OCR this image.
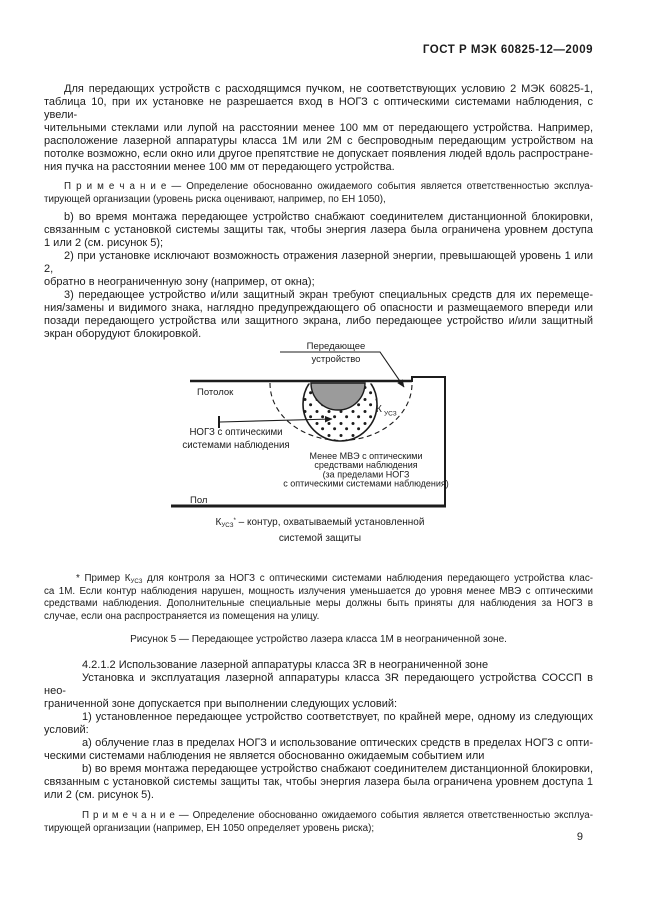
ГОСТ Р МЭК 60825-12—2009
Для передающих устройств с расходящимся пучком, не соответствующих условию 2 МЭК 60825-1,
таблица 10, при их установке не разрешается вход в НОГЗ с оптическими системами наблюдения, с увели-
чительными стеклами или лупой на расстоянии менее 100 мм от передающего устройства. Например,
расположение лазерной аппаратуры класса 1М или 2М с беспроводным передающим устройством на
потолке возможно, если окно или другое препятствие не допускает появления людей вдоль распростране-
ния пучка на расстоянии менее 100 мм от передающего устройства.
П р и м е ч а н и е — Определение обоснованно ожидаемого события является ответственностью эксплуа-
тирующей организации (уровень риска оценивают, например, по ЕН 1050),
b) во время монтажа передающее устройство снабжают соединителем дистанционной блокировки,
связанным с установкой системы защиты так, чтобы энергия лазера была ограничена уровнем доступа
1 или 2 (см. рисунок 5);
2) при установке исключают возможность отражения лазерной энергии, превышающей уровень 1 или 2,
обратно в неограниченную зону (например, от окна);
3) передающее устройство и/или защитный экран требуют специальных средств для их перемеще-
ния/замены и видимого знака, наглядно предупреждающего об опасности и размещаемого впереди или
позади передающего устройства или защитного экрана, либо передающее устройство и/или защитный
экран оборудуют блокировкой.
Передающее
устройство
Потолок
Пол
К УСЗ
НОГЗ с оптическими
системами наблюдения
Менее МВЭ с оптическими
средствами наблюдения
(за пределами НОГЗ
с оптическими системами наблюдения)
$К_{УСЗ}^*$ – контур, охватываемый установленной
системой защиты
* Пример $К_{УСЗ}$ для контроля за НОГЗ с оптическими системами наблюдения передающего устройства клас-
са 1М. Если контур наблюдения нарушен, мощность излучения уменьшается до уровня менее МВЭ с оптическими
средствами наблюдения. Дополнительные специальные меры должны быть приняты для наблюдения за НОГЗ в
случае, если она распространяется из помещения на улицу.
Рисунок 5 — Передающее устройство лазера класса 1М в неограниченной зоне.
4.2.1.2 Использование лазерной аппаратуры класса 3R в неограниченной зоне
Установка и эксплуатация лазерной аппаратуры класса 3R передающего устройства СОССП в нео-
граниченной зоне допускается при выполнении следующих условий:
1) установленное передающее устройство соответствует, по крайней мере, одному из следующих
условий:
а) облучение глаз в пределах НОГЗ и использование оптических средств в пределах НОГЗ с опти-
ческими системами наблюдения не является обоснованно ожидаемым событием или
b) во время монтажа передающее устройство снабжают соединителем дистанционной блокировки,
связанным с установкой системы защиты так, чтобы энергия лазера была ограничена уровнем доступа 1
или 2 (см. рисунок 5).
П р и м е ч а н и е — Определение обоснованно ожидаемого события является ответственностью эксплуа-
тирующей организации (например, ЕН 1050 определяет уровень риска);
9
